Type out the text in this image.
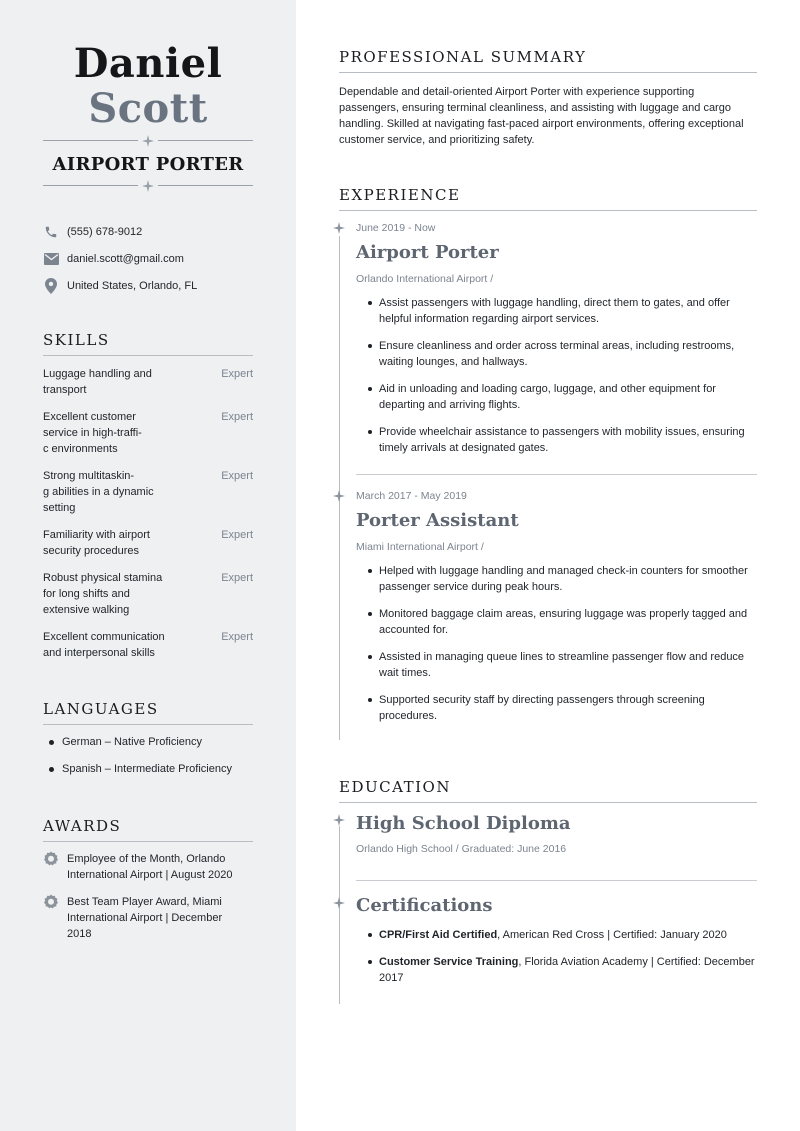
Daniel
Scott
AIRPORT PORTER
(555) 678-9012
daniel.scott@gmail.com
United States, Orlando, FL
SKILLS
Luggage handling and
transport
Expert
Excellent customer
service in high-traffi-
c environments
Expert
Strong multitaskin-
g abilities in a dynamic
setting
Expert
Familiarity with airport
security procedures
Expert
Robust physical stamina
for long shifts and
extensive walking
Expert
Excellent communication
and interpersonal skills
Expert
LANGUAGES
German – Native Proficiency
Spanish – Intermediate Proficiency
AWARDS
Employee of the Month, Orlando
International Airport | August 2020
Best Team Player Award, Miami
International Airport | December
2018
PROFESSIONAL SUMMARY
Dependable and detail-oriented Airport Porter with experience supporting
passengers, ensuring terminal cleanliness, and assisting with luggage and cargo
handling. Skilled at navigating fast-paced airport environments, offering exceptional
customer service, and prioritizing safety.
EXPERIENCE
June 2019 - Now
Airport Porter
Orlando International Airport /
Assist passengers with luggage handling, direct them to gates, and offer
helpful information regarding airport services.
Ensure cleanliness and order across terminal areas, including restrooms,
waiting lounges, and hallways.
Aid in unloading and loading cargo, luggage, and other equipment for
departing and arriving flights.
Provide wheelchair assistance to passengers with mobility issues, ensuring
timely arrivals at designated gates.
March 2017 - May 2019
Porter Assistant
Miami International Airport /
Helped with luggage handling and managed check-in counters for smoother
passenger service during peak hours.
Monitored baggage claim areas, ensuring luggage was properly tagged and
accounted for.
Assisted in managing queue lines to streamline passenger flow and reduce
wait times.
Supported security staff by directing passengers through screening
procedures.
EDUCATION
High School Diploma
Orlando High School / Graduated: June 2016
Certifications
CPR/First Aid Certified, American Red Cross | Certified: January 2020
Customer Service Training, Florida Aviation Academy | Certified: December
2017
